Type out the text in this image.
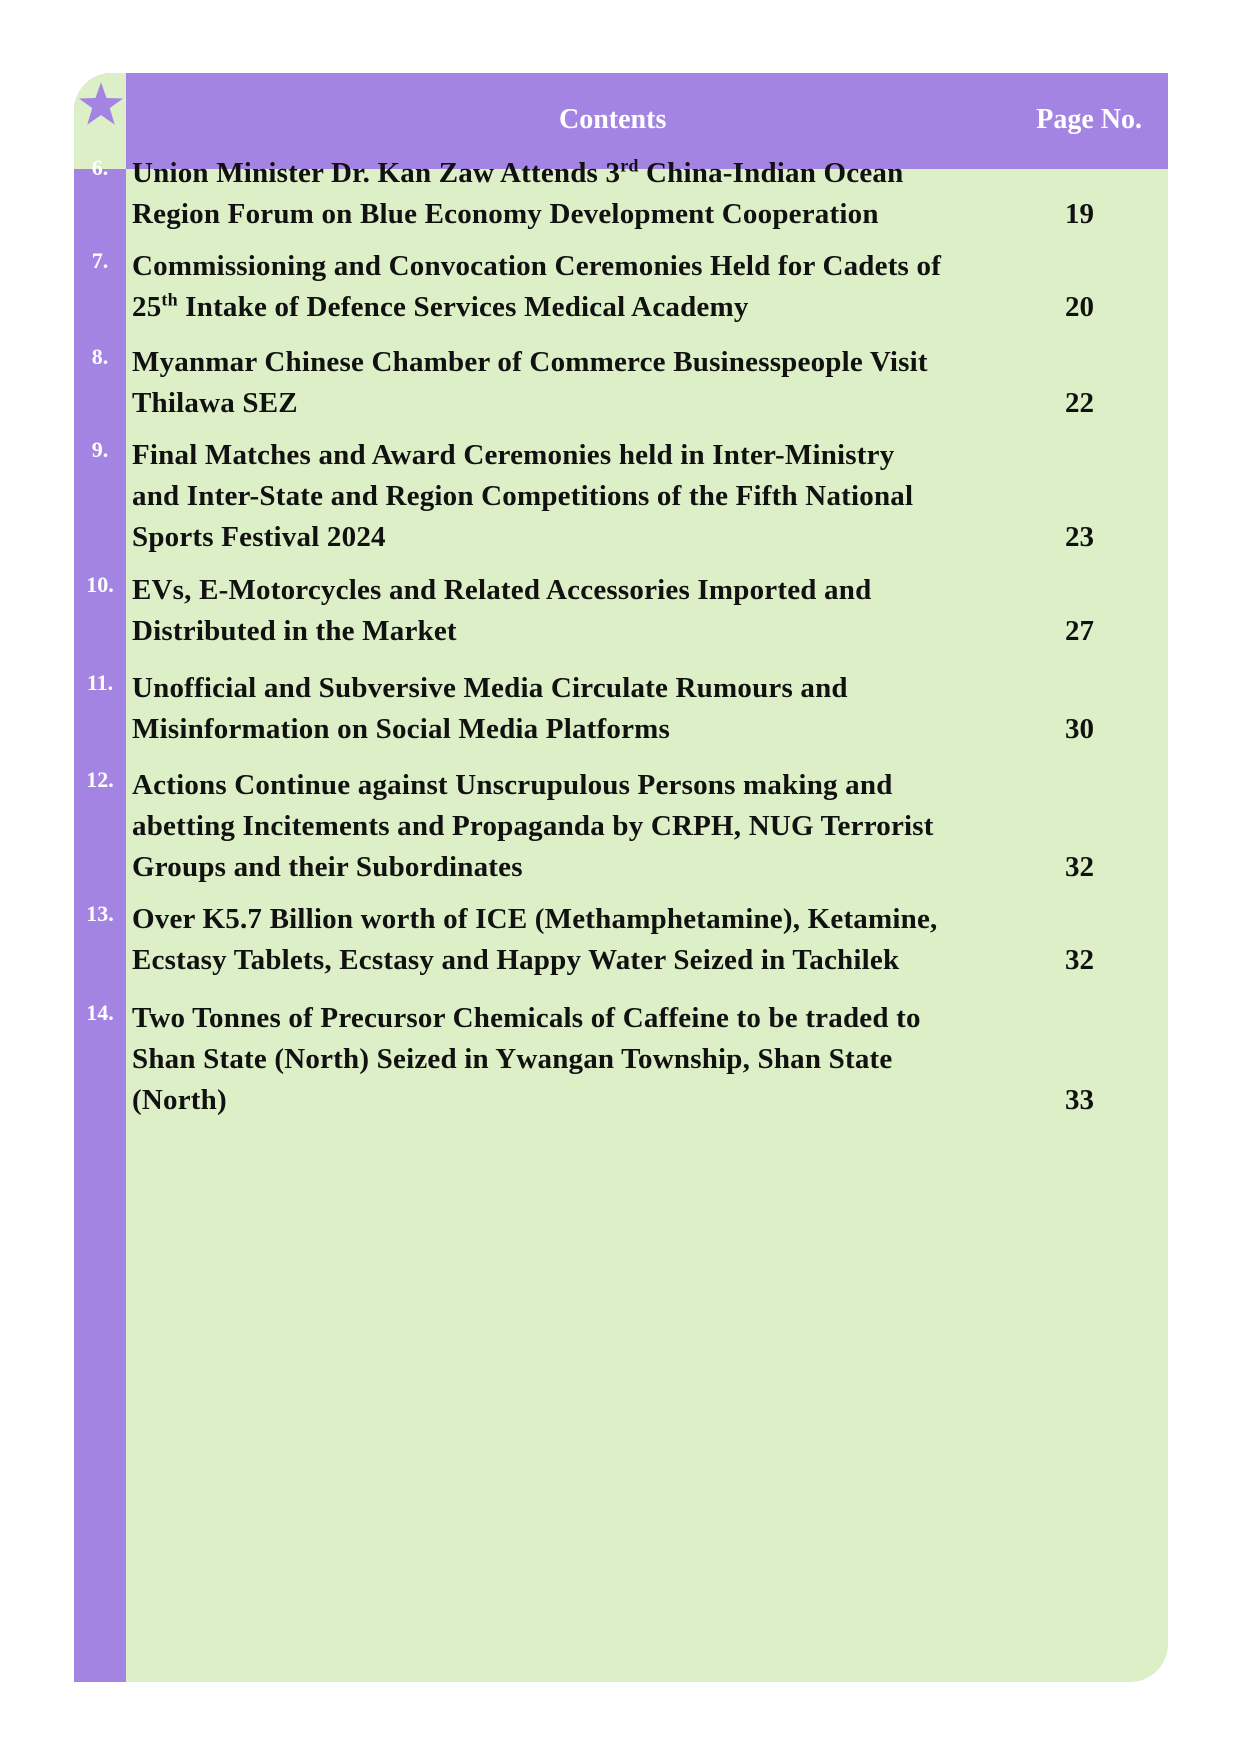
Contents	Page No.
6. Union Minister Dr. Kan Zaw Attends 3rd China-Indian Ocean
Region Forum on Blue Economy Development Cooperation	19
7. Commissioning and Convocation Ceremonies Held for Cadets of
25th Intake of Defence Services Medical Academy	20
8. Myanmar Chinese Chamber of Commerce Businesspeople Visit
Thilawa SEZ	22
9. Final Matches and Award Ceremonies held in Inter-Ministry
and Inter-State and Region Competitions of the Fifth National
Sports Festival 2024	23
10. EVs, E-Motorcycles and Related Accessories Imported and
Distributed in the Market	27
11. Unofficial and Subversive Media Circulate Rumours and
Misinformation on Social Media Platforms	30
12. Actions Continue against Unscrupulous Persons making and
abetting Incitements and Propaganda by CRPH, NUG Terrorist
Groups and their Subordinates	32
13. Over K5.7 Billion worth of ICE (Methamphetamine), Ketamine,
Ecstasy Tablets, Ecstasy and Happy Water Seized in Tachilek	32
14. Two Tonnes of Precursor Chemicals of Caffeine to be traded to
Shan State (North) Seized in Ywangan Township, Shan State
(North)	33
